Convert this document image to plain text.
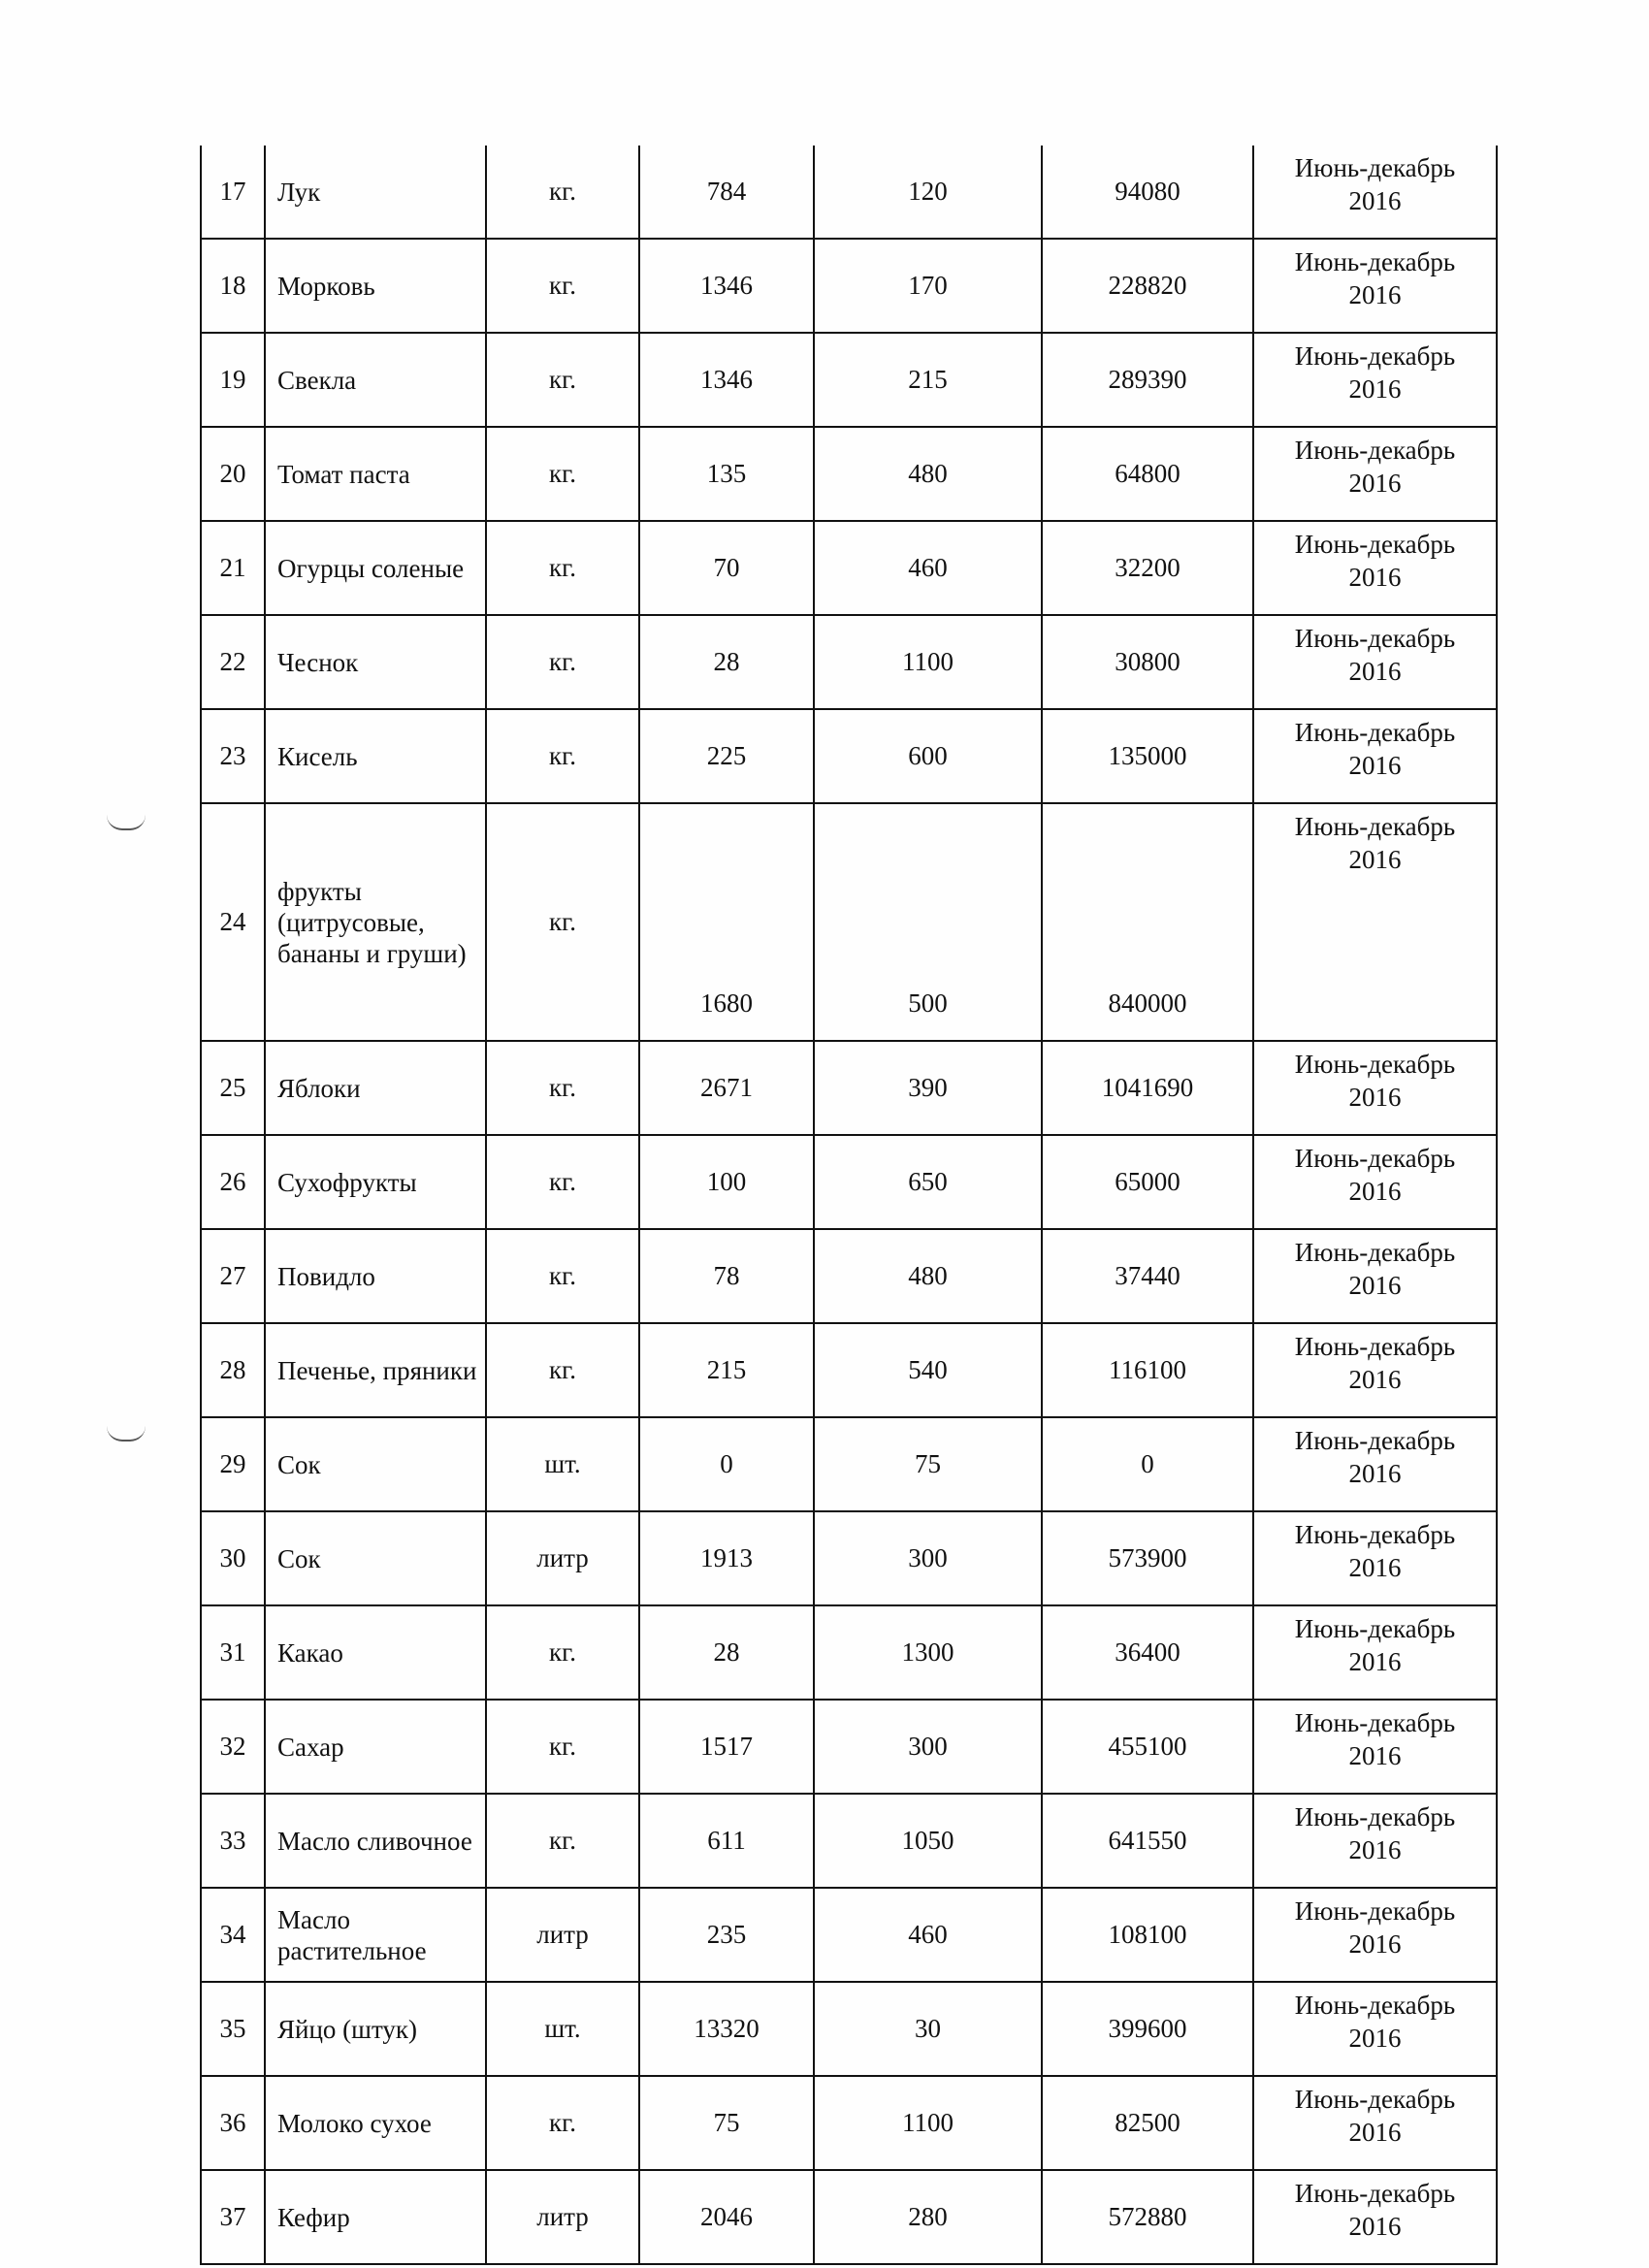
17	Лук	кг.	784	120	94080	Июнь-декабрь
2016

18	Морковь	кг.	1346	170	228820	Июнь-декабрь
2016

19	Свекла	кг.	1346	215	289390	Июнь-декабрь
2016

20	Томат паста	кг.	135	480	64800	Июнь-декабрь
2016

21	Огурцы соленые	кг.	70	460	32200	Июнь-декабрь
2016

22	Чеснок	кг.	28	1100	30800	Июнь-декабрь
2016

23	Кисель	кг.	225	600	135000	Июнь-декабрь
2016

24	фрукты (цитрусовые, бананы и груши)	кг.	1680	500	840000	Июнь-декабрь
2016

25	Яблоки	кг.	2671	390	1041690	Июнь-декабрь
2016

26	Сухофрукты	кг.	100	650	65000	Июнь-декабрь
2016

27	Повидло	кг.	78	480	37440	Июнь-декабрь
2016

28	Печенье, пряники	кг.	215	540	116100	Июнь-декабрь
2016

29	Сок	шт.	0	75	0	Июнь-декабрь
2016

30	Сок	литр	1913	300	573900	Июнь-декабрь
2016

31	Какао	кг.	28	1300	36400	Июнь-декабрь
2016

32	Сахар	кг.	1517	300	455100	Июнь-декабрь
2016

33	Масло сливочное	кг.	611	1050	641550	Июнь-декабрь
2016

34	Масло растительное	литр	235	460	108100	Июнь-декабрь
2016

35	Яйцо (штук)	шт.	13320	30	399600	Июнь-декабрь
2016

36	Молоко сухое	кг.	75	1100	82500	Июнь-декабрь
2016

37	Кефир	литр	2046	280	572880	Июнь-декабрь
2016
